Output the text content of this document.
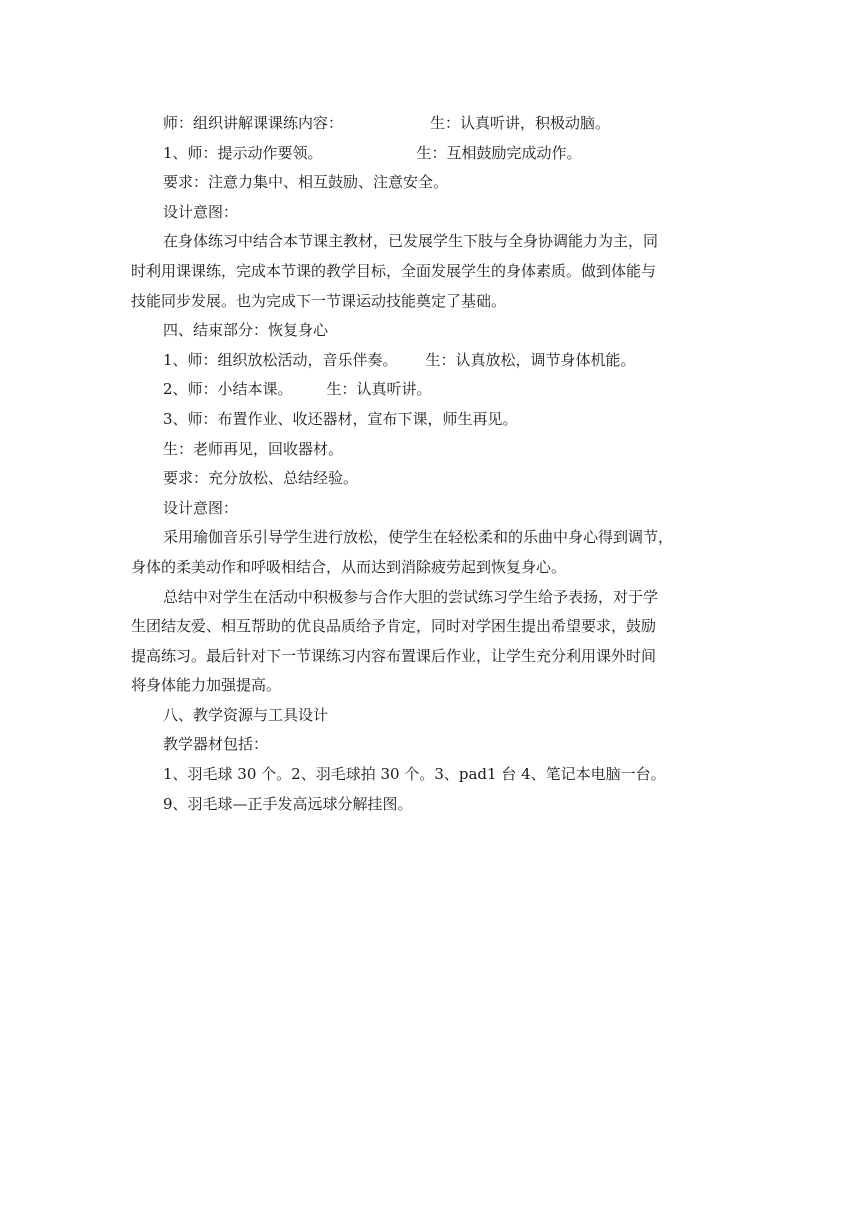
师：组织讲解课课练内容：	生：认真听讲，积极动脑。
1、师：提示动作要领。	生：互相鼓励完成动作。
要求：注意力集中、相互鼓励、注意安全。
设计意图：
在身体练习中结合本节课主教材，已发展学生下肢与全身协调能力为主，同
时利用课课练，完成本节课的教学目标，全面发展学生的身体素质。做到体能与
技能同步发展。也为完成下一节课运动技能奠定了基础。
四、结束部分：恢复身心
1、师：组织放松活动，音乐伴奏。 生：认真放松，调节身体机能。
2、师：小结本课。 生：认真听讲。
3、师：布置作业、收还器材，宣布下课，师生再见。
生：老师再见，回收器材。
要求：充分放松、总结经验。
设计意图：
采用瑜伽音乐引导学生进行放松，使学生在轻松柔和的乐曲中身心得到调节，
身体的柔美动作和呼吸相结合，从而达到消除疲劳起到恢复身心。
总结中对学生在活动中积极参与合作大胆的尝试练习学生给予表扬，对于学
生团结友爱、相互帮助的优良品质给予肯定，同时对学困生提出希望要求，鼓励
提高练习。最后针对下一节课练习内容布置课后作业，让学生充分利用课外时间
将身体能力加强提高。
八、教学资源与工具设计
教学器材包括：
1、羽毛球 30 个。2、羽毛球拍 30 个。3、pad1 台 4、笔记本电脑一台。
9、羽毛球—正手发高远球分解挂图。
